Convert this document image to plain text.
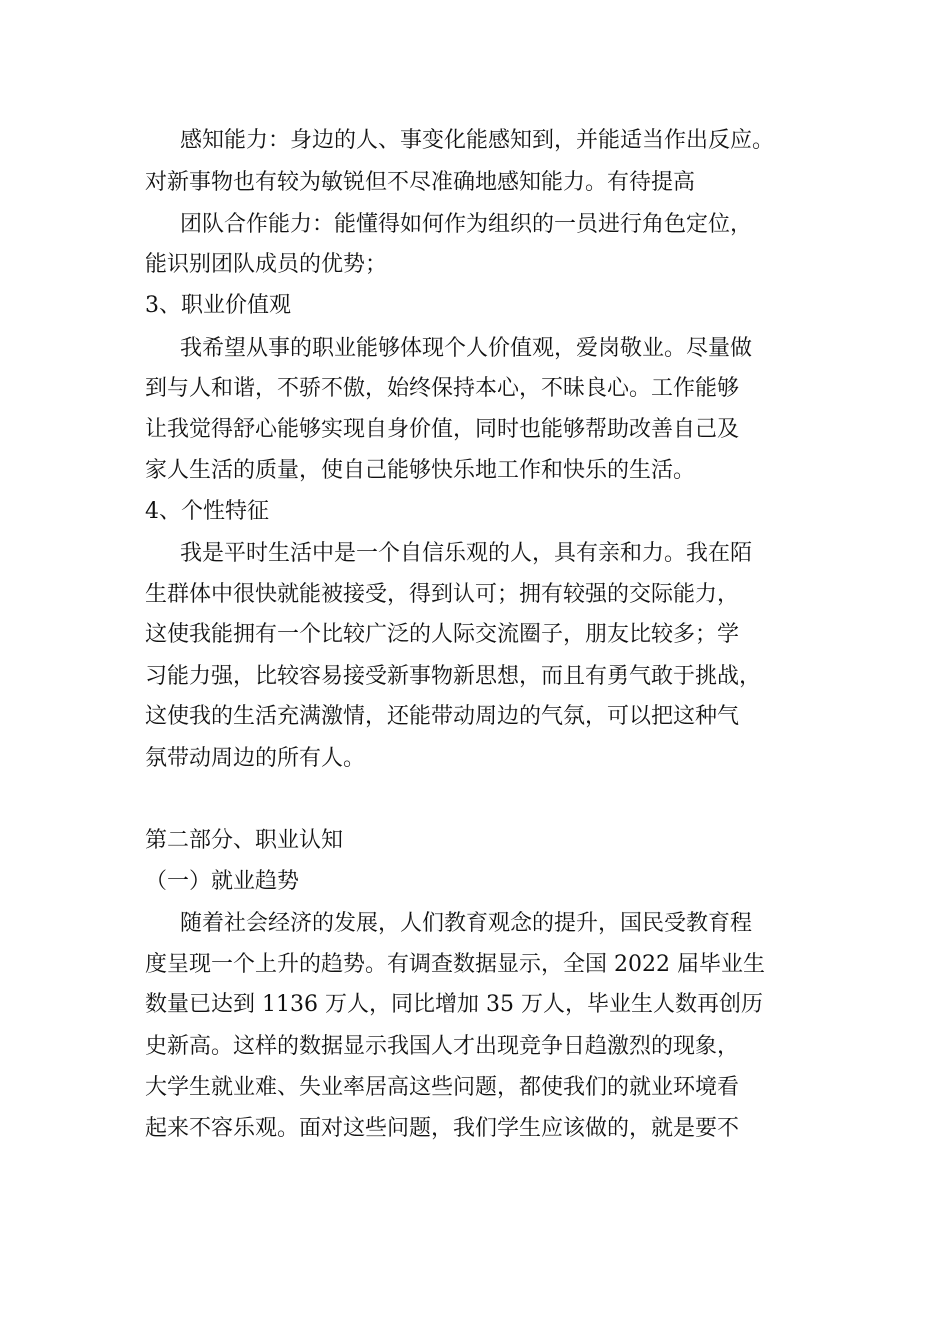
感知能力：身边的人、事变化能感知到，并能适当作出反应。
对新事物也有较为敏锐但不尽准确地感知能力。有待提高
团队合作能力：能懂得如何作为组织的一员进行角色定位，
能识别团队成员的优势；
3、职业价值观
我希望从事的职业能够体现个人价值观，爱岗敬业。尽量做
到与人和谐，不骄不傲，始终保持本心，不昧良心。工作能够
让我觉得舒心能够实现自身价值，同时也能够帮助改善自己及
家人生活的质量，使自己能够快乐地工作和快乐的生活。
4、个性特征
我是平时生活中是一个自信乐观的人，具有亲和力。我在陌
生群体中很快就能被接受，得到认可；拥有较强的交际能力，
这使我能拥有一个比较广泛的人际交流圈子，朋友比较多；学
习能力强，比较容易接受新事物新思想，而且有勇气敢于挑战，
这使我的生活充满激情，还能带动周边的气氛，可以把这种气
氛带动周边的所有人。
第二部分、职业认知
（一）就业趋势
随着社会经济的发展，人们教育观念的提升，国民受教育程
度呈现一个上升的趋势。有调查数据显示，全国 2022 届毕业生
数量已达到 1136 万人，同比增加 35 万人，毕业生人数再创历
史新高。这样的数据显示我国人才出现竞争日趋激烈的现象，
大学生就业难、失业率居高这些问题，都使我们的就业环境看
起来不容乐观。面对这些问题，我们学生应该做的，就是要不
